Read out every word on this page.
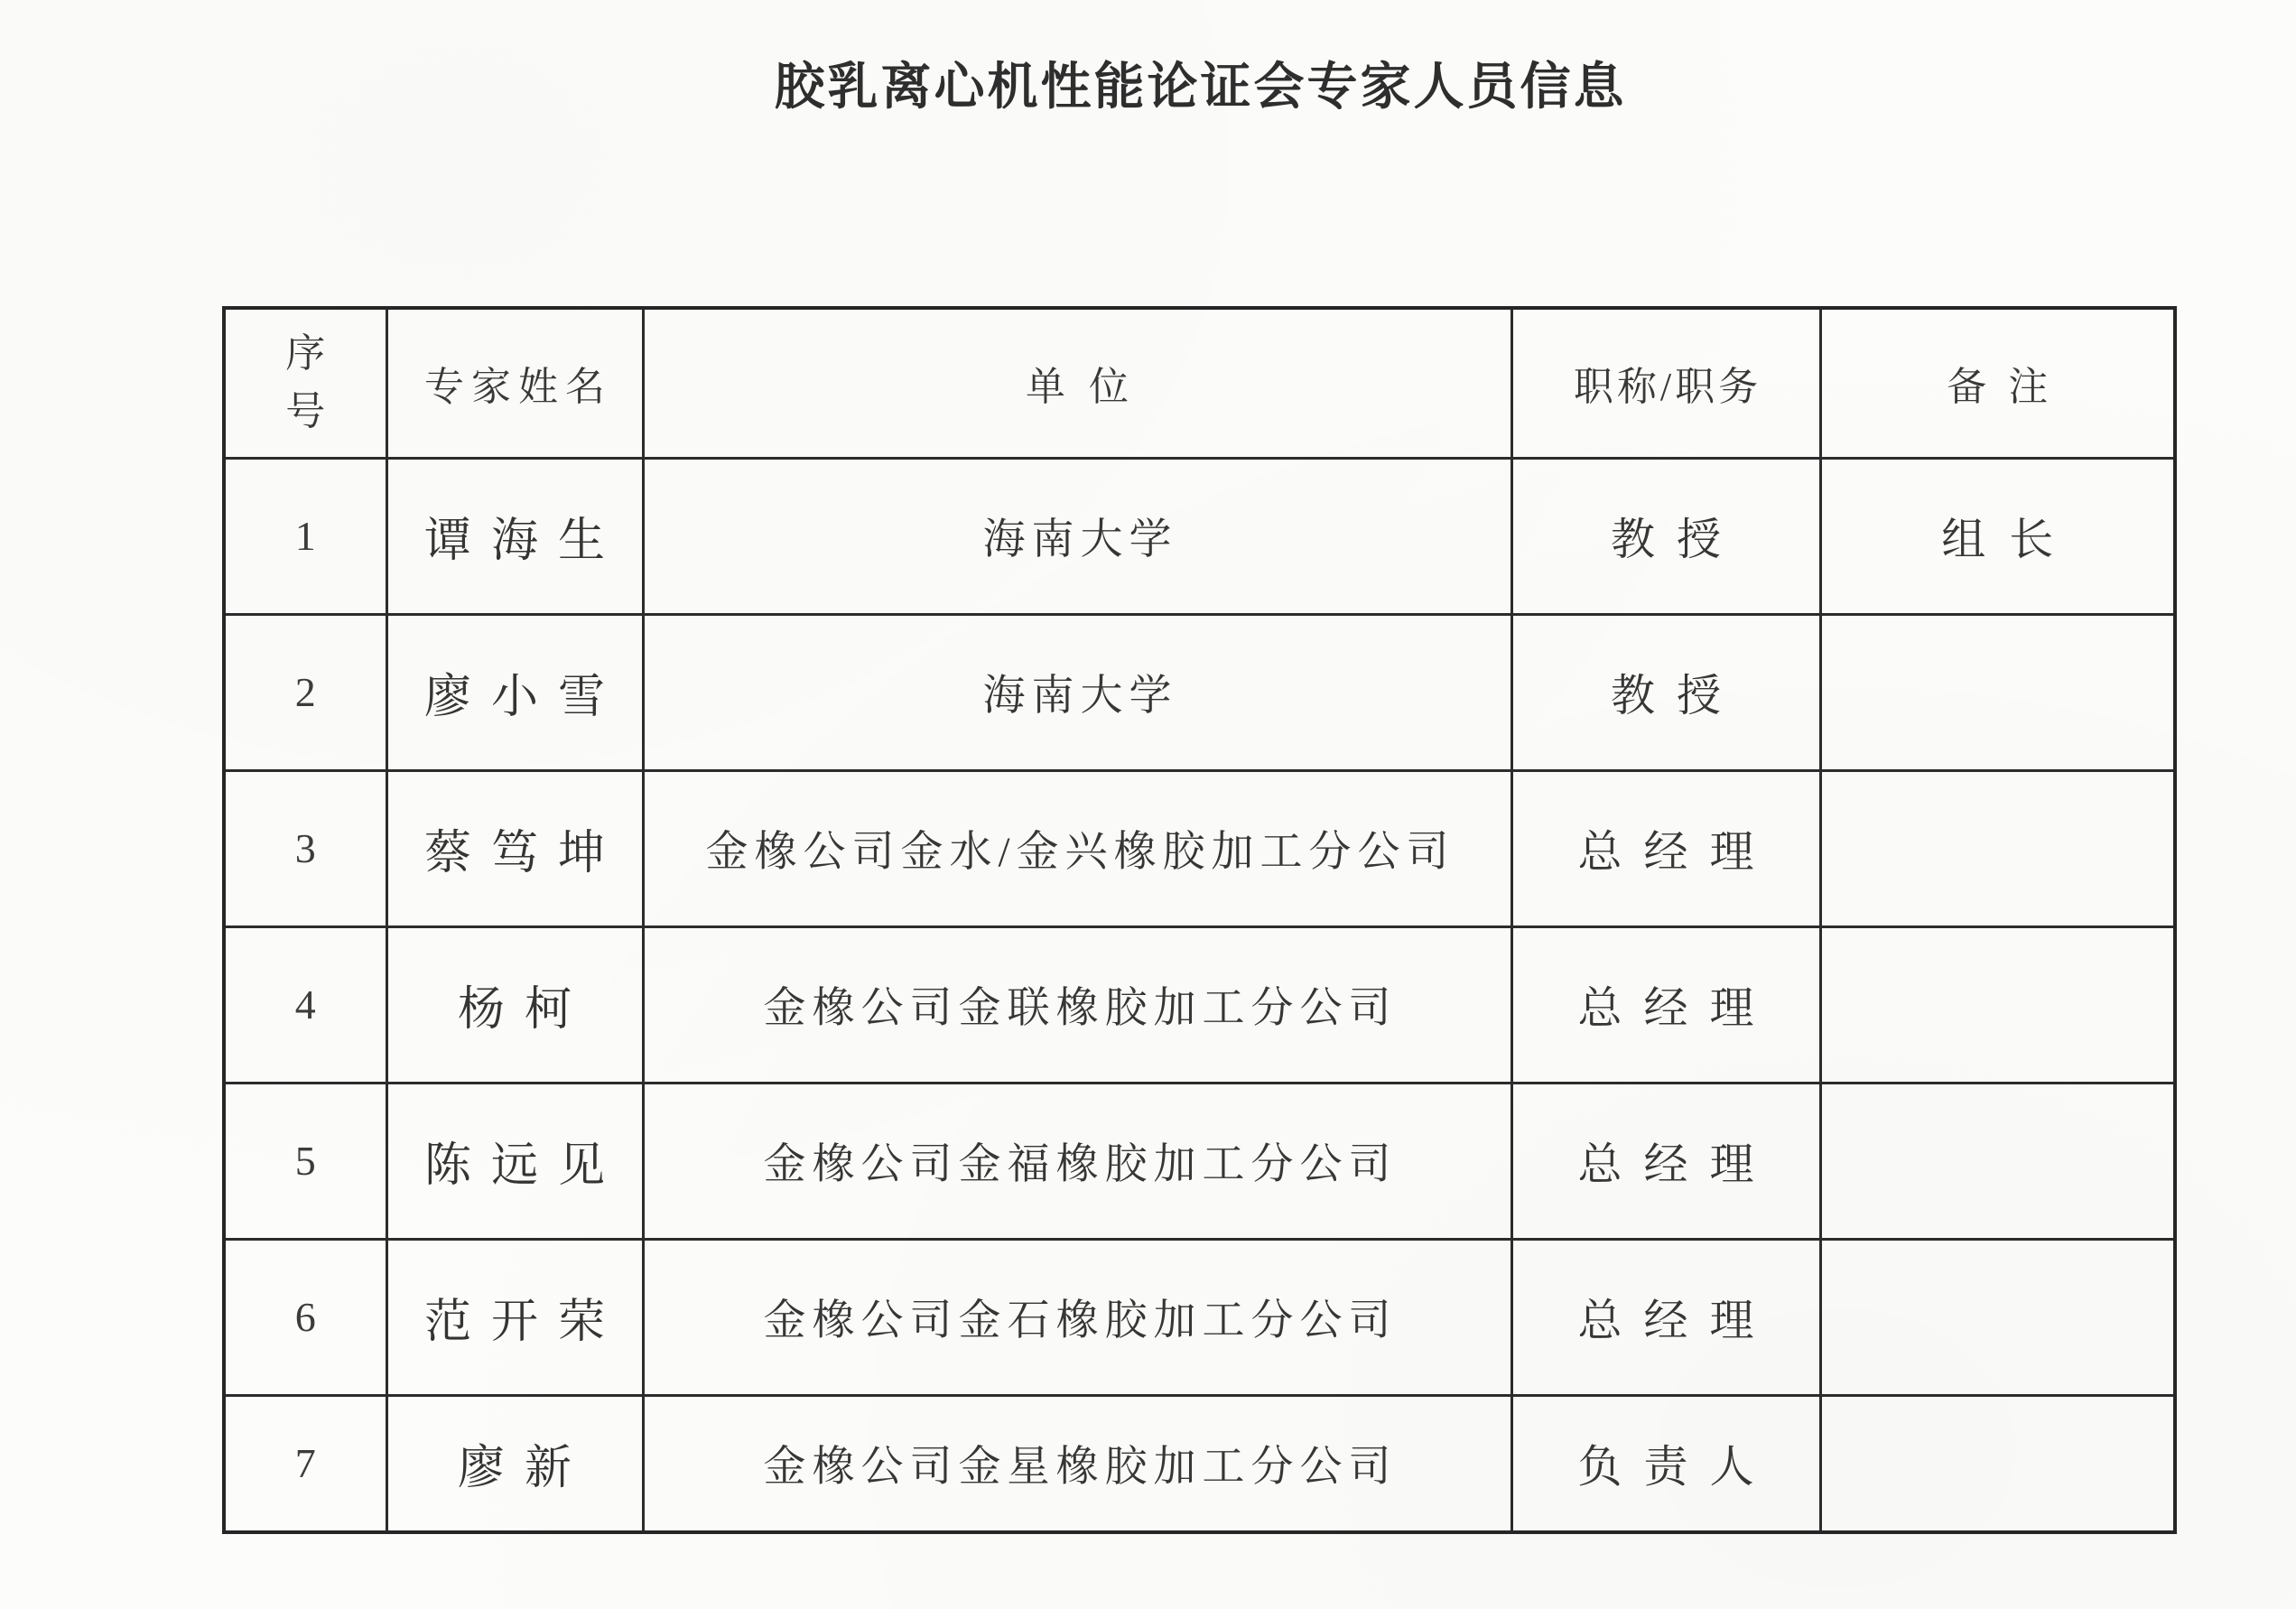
胶乳离心机性能论证会专家人员信息
序号	专家姓名	单位	职称/职务	备注
1	谭海生	海南大学	教授	组长
2	廖小雪	海南大学	教授	
3	蔡笃坤	金橡公司金水/金兴橡胶加工分公司	总经理	
4	杨柯	金橡公司金联橡胶加工分公司	总经理	
5	陈远见	金橡公司金福橡胶加工分公司	总经理	
6	范开荣	金橡公司金石橡胶加工分公司	总经理	
7	廖新	金橡公司金星橡胶加工分公司	负责人	
